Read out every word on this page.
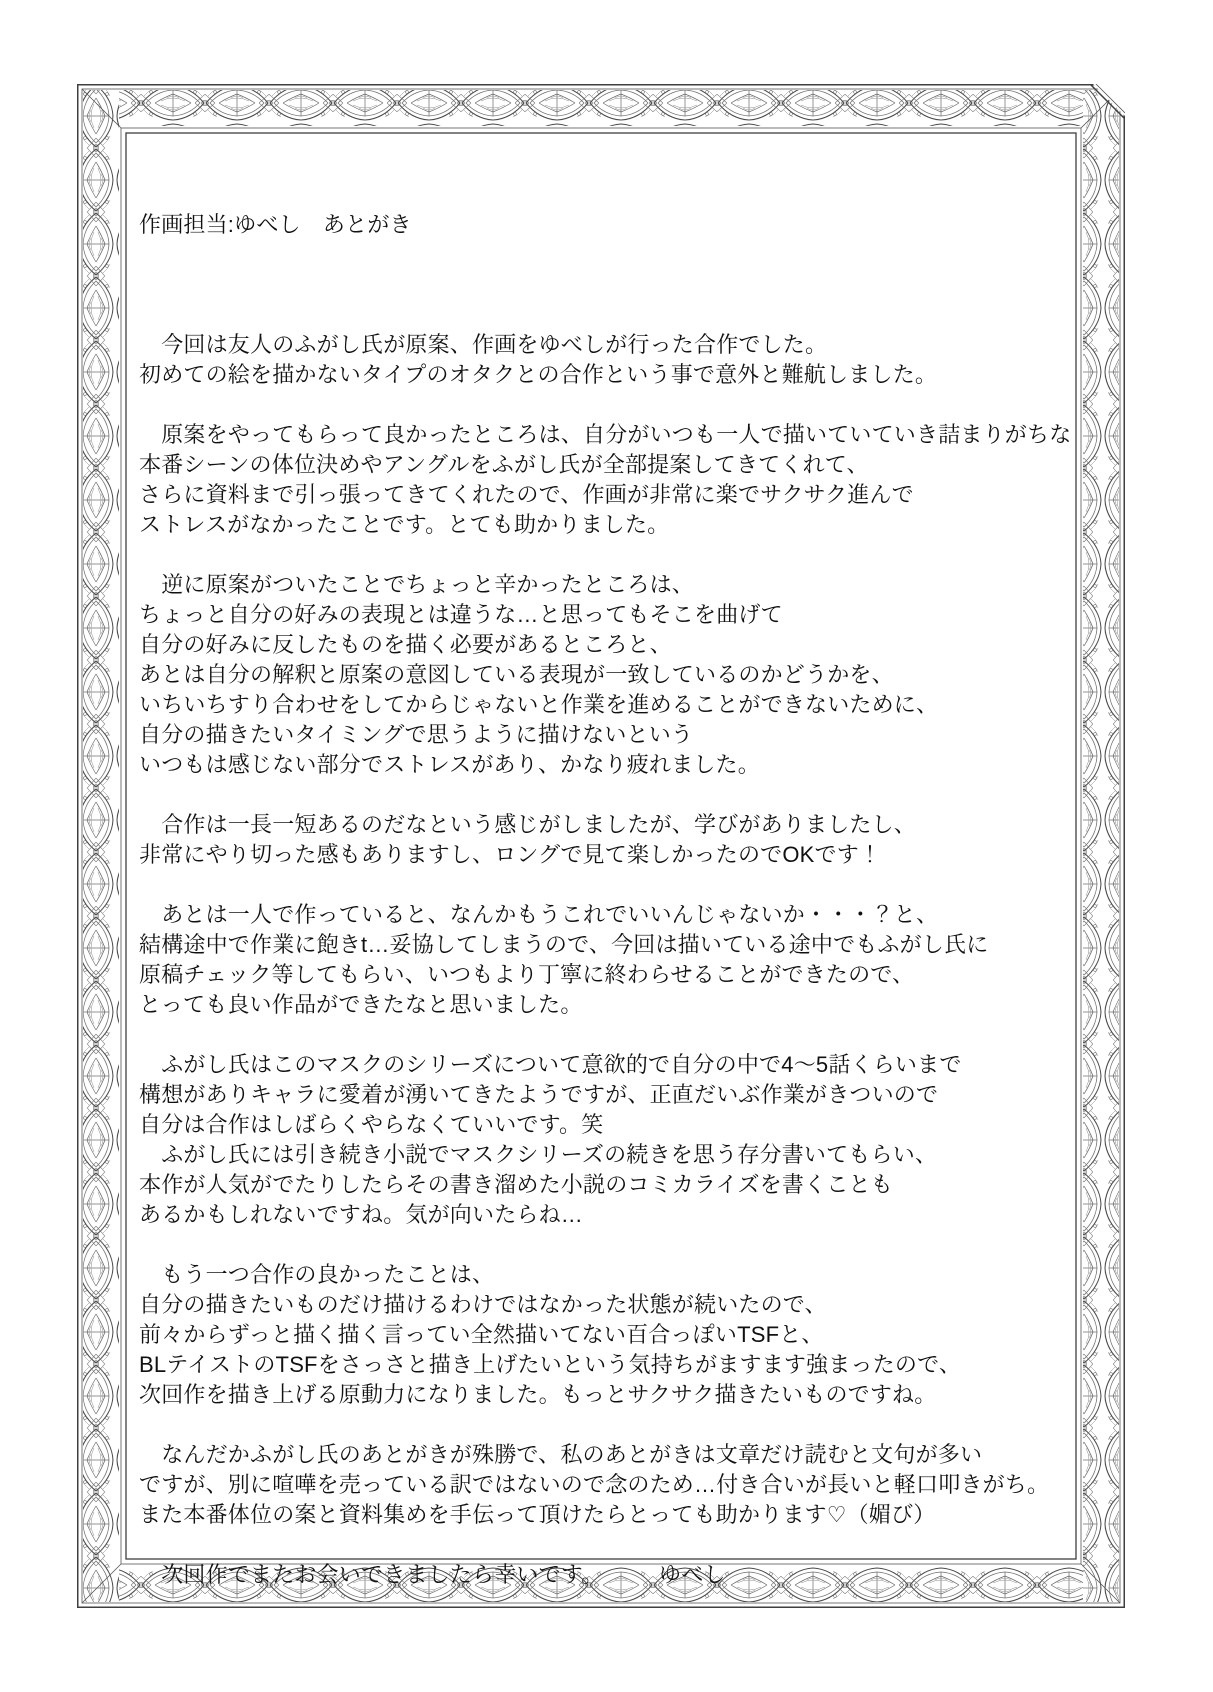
作画担当:ゆべし　あとがき

　今回は友人のふがし氏が原案、作画をゆべしが行った合作でした。
初めての絵を描かないタイプのオタクとの合作という事で意外と難航しました。

　原案をやってもらって良かったところは、自分がいつも一人で描いていていき詰まりがちな
本番シーンの体位決めやアングルをふがし氏が全部提案してきてくれて、
さらに資料まで引っ張ってきてくれたので、作画が非常に楽でサクサク進んで
ストレスがなかったことです。とても助かりました。

　逆に原案がついたことでちょっと辛かったところは、
ちょっと自分の好みの表現とは違うな…と思ってもそこを曲げて
自分の好みに反したものを描く必要があるところと、
あとは自分の解釈と原案の意図している表現が一致しているのかどうかを、
いちいちすり合わせをしてからじゃないと作業を進めることができないために、
自分の描きたいタイミングで思うように描けないという
いつもは感じない部分でストレスがあり、かなり疲れました。

　合作は一長一短あるのだなという感じがしましたが、学びがありましたし、
非常にやり切った感もありますし、ロングで見て楽しかったのでOKです！

　あとは一人で作っていると、なんかもうこれでいいんじゃないか・・・？と、
結構途中で作業に飽きt…妥協してしまうので、今回は描いている途中でもふがし氏に
原稿チェック等してもらい、いつもより丁寧に終わらせることができたので、
とっても良い作品ができたなと思いました。

　ふがし氏はこのマスクのシリーズについて意欲的で自分の中で4～5話くらいまで
構想がありキャラに愛着が湧いてきたようですが、正直だいぶ作業がきついので
自分は合作はしばらくやらなくていいです。笑
　ふがし氏には引き続き小説でマスクシリーズの続きを思う存分書いてもらい、
本作が人気がでたりしたらその書き溜めた小説のコミカライズを書くことも
あるかもしれないですね。気が向いたらね…

　もう一つ合作の良かったことは、
自分の描きたいものだけ描けるわけではなかった状態が続いたので、
前々からずっと描く描く言ってい全然描いてない百合っぽいTSFと、
BLテイストのTSFをさっさと描き上げたいという気持ちがますます強まったので、
次回作を描き上げる原動力になりました。もっとサクサク描きたいものですね。

　なんだかふがし氏のあとがきが殊勝で、私のあとがきは文章だけ読むと文句が多い
ですが、別に喧嘩を売っている訳ではないので念のため…付き合いが長いと軽口叩きがち。
また本番体位の案と資料集めを手伝って頂けたらとっても助かります♡（媚び）

　次回作でまたお会いできましたら幸いです。　　　ゆべし
